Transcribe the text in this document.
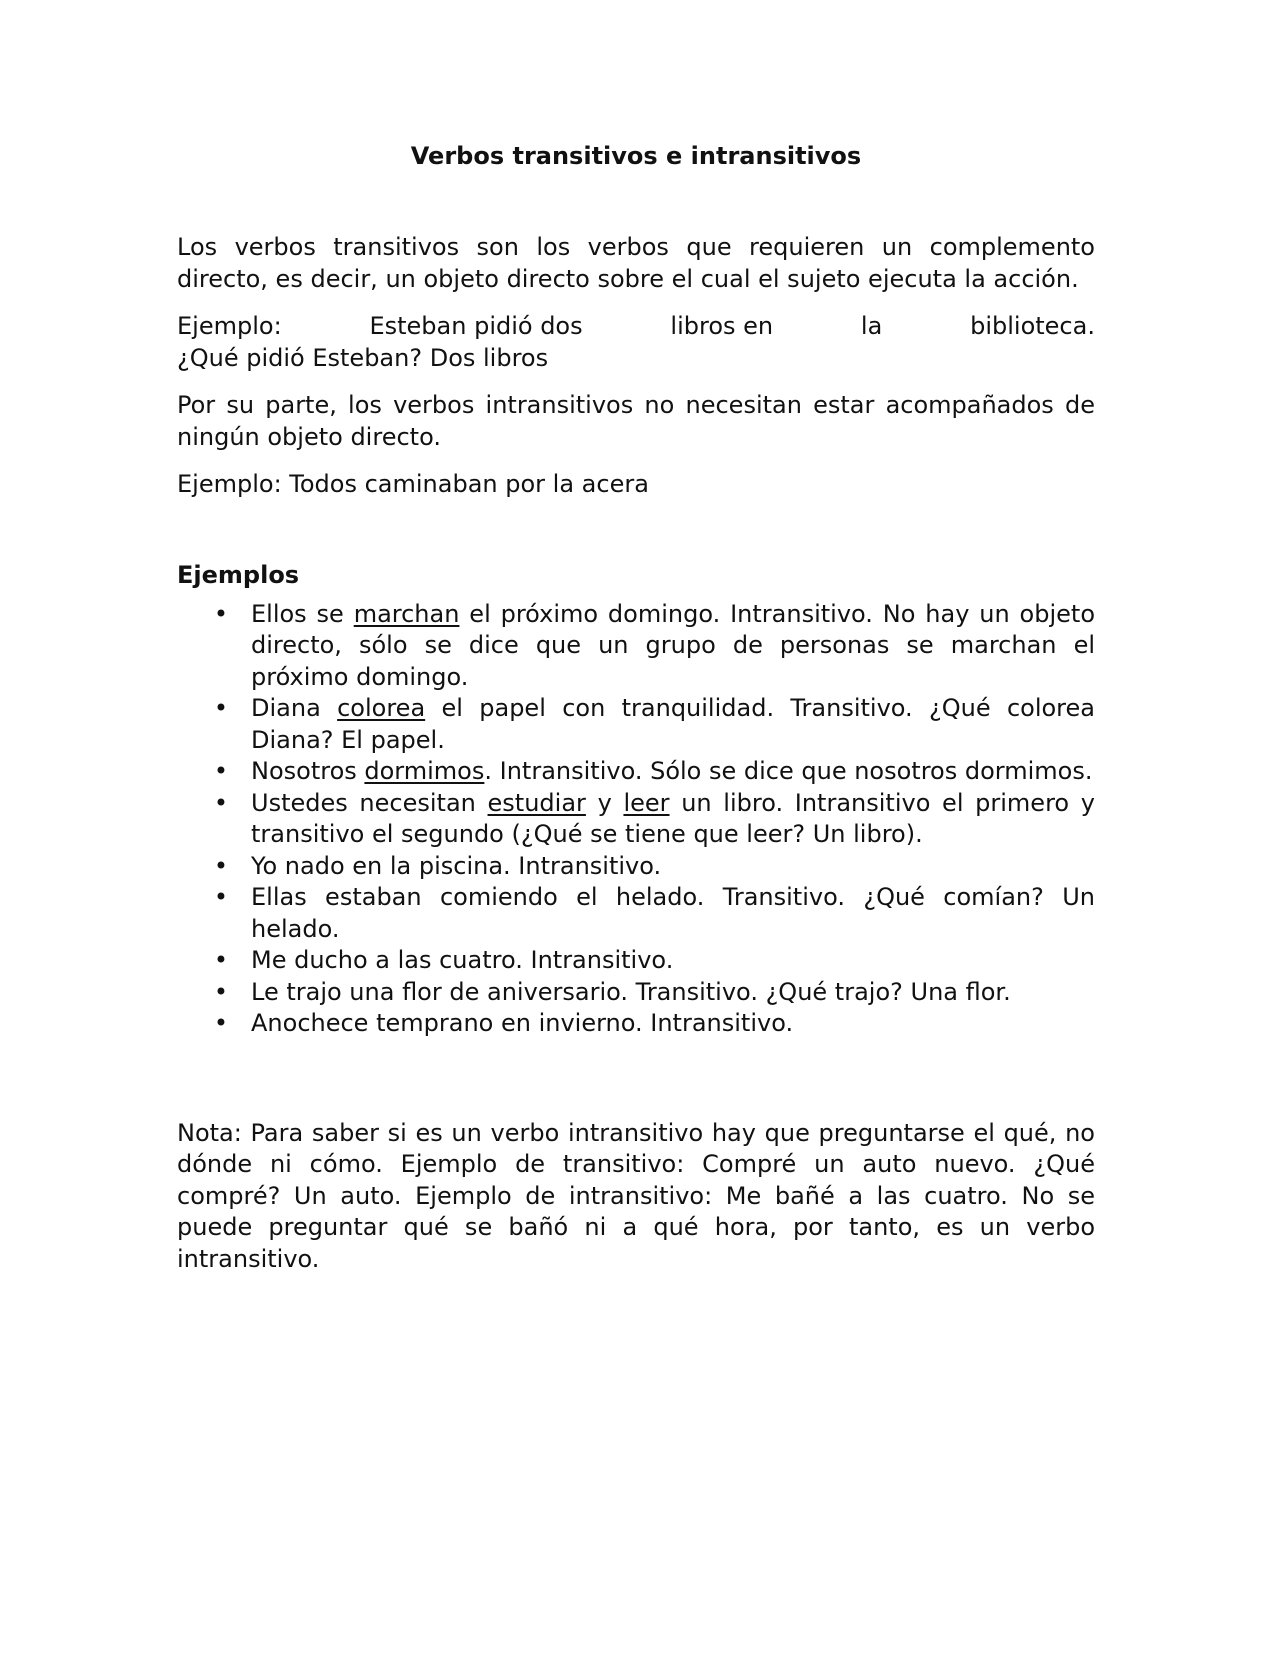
Verbos transitivos e intransitivos

Los verbos transitivos son los verbos que requieren un complemento directo, es decir, un objeto directo sobre el cual el sujeto ejecuta la acción.

Ejemplo:	Esteban pidió dos	libros en	la	biblioteca.
¿Qué pidió Esteban? Dos libros

Por su parte, los verbos intransitivos no necesitan estar acompañados de ningún objeto directo.

Ejemplo: Todos caminaban por la acera

Ejemplos
• Ellos se marchan el próximo domingo. Intransitivo. No hay un objeto directo, sólo se dice que un grupo de personas se marchan el próximo domingo.
• Diana colorea el papel con tranquilidad. Transitivo. ¿Qué colorea Diana? El papel.
• Nosotros dormimos. Intransitivo. Sólo se dice que nosotros dormimos.
• Ustedes necesitan estudiar y leer un libro. Intransitivo el primero y transitivo el segundo (¿Qué se tiene que leer? Un libro).
• Yo nado en la piscina. Intransitivo.
• Ellas estaban comiendo el helado. Transitivo. ¿Qué comían? Un helado.
• Me ducho a las cuatro. Intransitivo.
• Le trajo una flor de aniversario. Transitivo. ¿Qué trajo? Una flor.
• Anochece temprano en invierno. Intransitivo.

Nota: Para saber si es un verbo intransitivo hay que preguntarse el qué, no dónde ni cómo. Ejemplo de transitivo: Compré un auto nuevo. ¿Qué compré? Un auto. Ejemplo de intransitivo: Me bañé a las cuatro. No se puede preguntar qué se bañó ni a qué hora, por tanto, es un verbo intransitivo.
